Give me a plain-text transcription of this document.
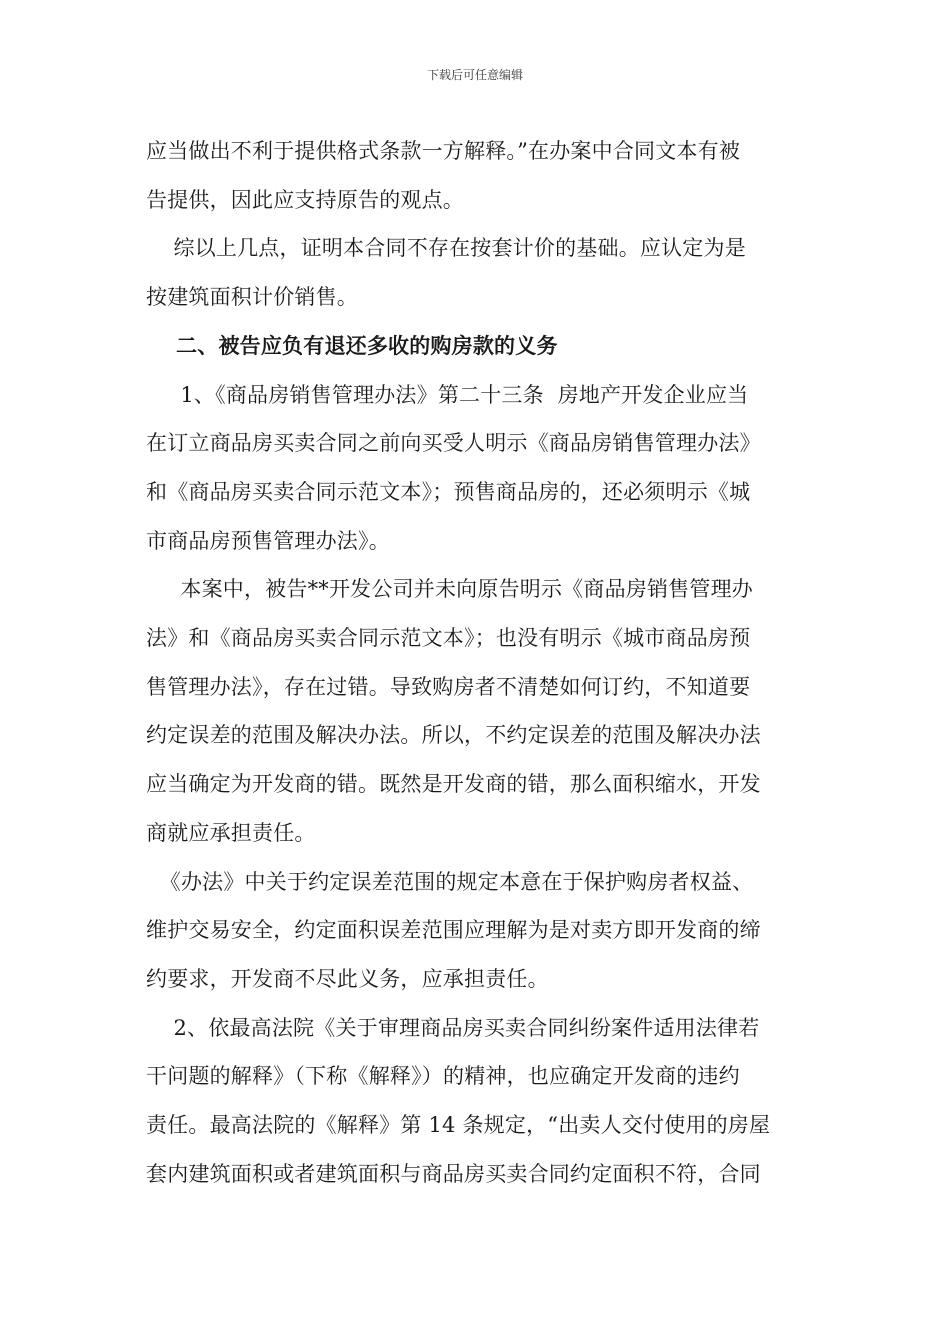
下载后可任意编辑

应当做出不利于提供格式条款一方解释。”在办案中合同文本有被

告提供，因此应支持原告的观点。

综以上几点，证明本合同不存在按套计价的基础。应认定为是

按建筑面积计价销售。

二、被告应负有退还多收的购房款的义务

1、《商品房销售管理办法》第二十三条  房地产开发企业应当

在订立商品房买卖合同之前向买受人明示《商品房销售管理办法》

和《商品房买卖合同示范文本》；预售商品房的，还必须明示《城

市商品房预售管理办法》。

本案中，被告**开发公司并未向原告明示《商品房销售管理办

法》和《商品房买卖合同示范文本》；也没有明示《城市商品房预

售管理办法》，存在过错。导致购房者不清楚如何订约，不知道要

约定误差的范围及解决办法。所以，不约定误差的范围及解决办法

应当确定为开发商的错。既然是开发商的错，那么面积缩水，开发

商就应承担责任。

《办法》中关于约定误差范围的规定本意在于保护购房者权益、

维护交易安全，约定面积误差范围应理解为是对卖方即开发商的缔

约要求，开发商不尽此义务，应承担责任。

2、依最高法院《关于审理商品房买卖合同纠纷案件适用法律若

干问题的解释》（下称《解释》）的精神，也应确定开发商的违约

责任。最高法院的《解释》第 14 条规定，“出卖人交付使用的房屋

套内建筑面积或者建筑面积与商品房买卖合同约定面积不符，合同
